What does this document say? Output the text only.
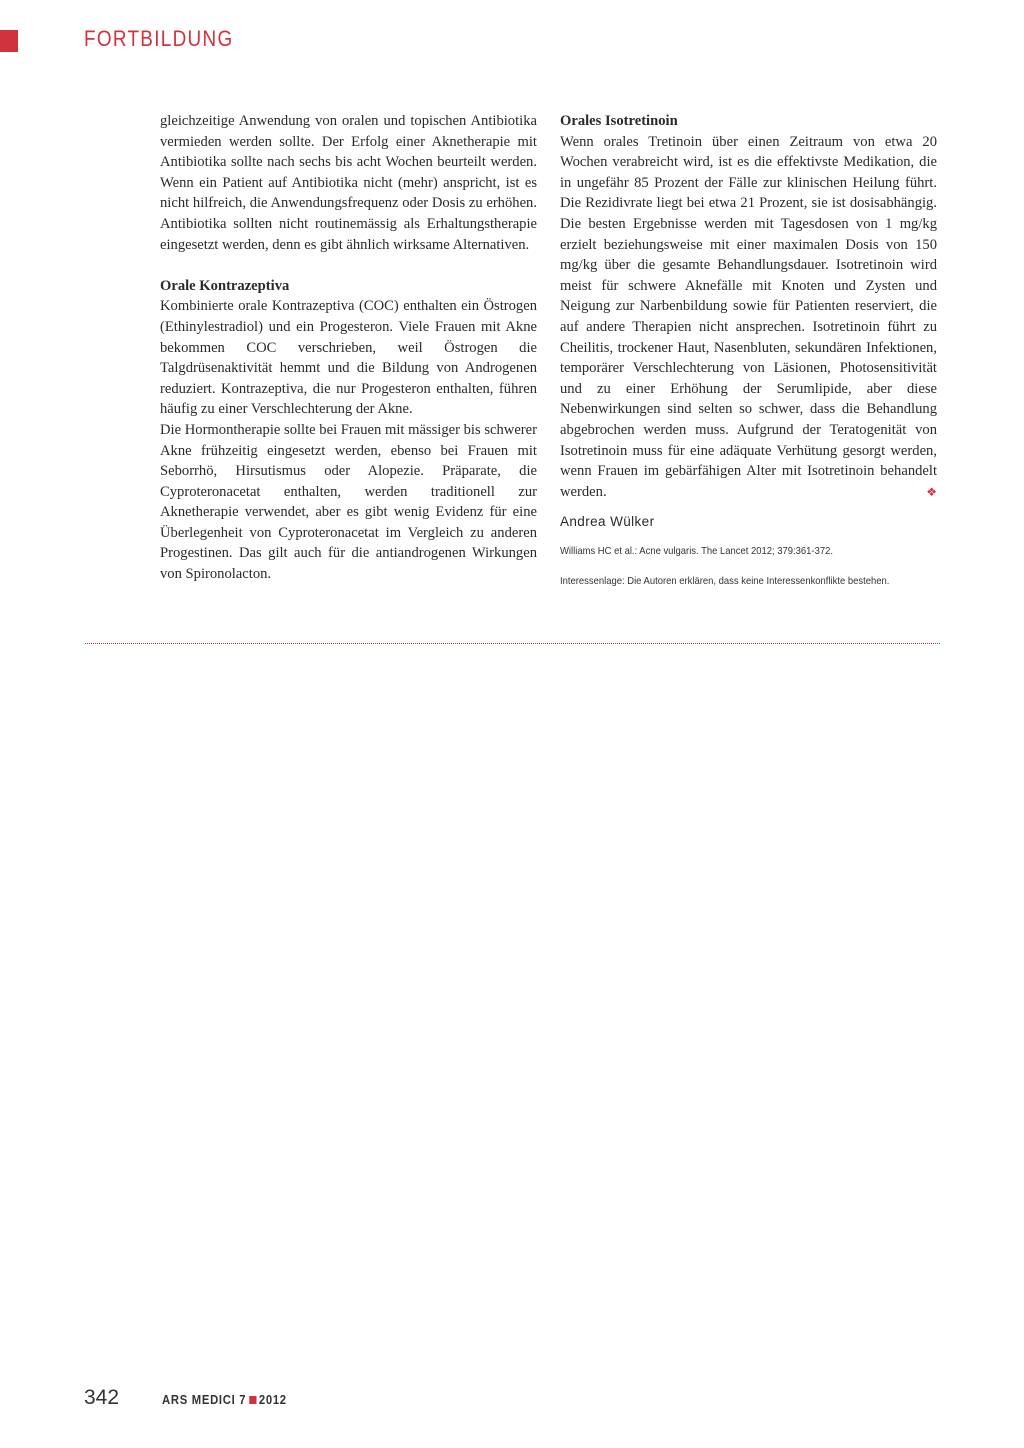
FORTBILDUNG

gleichzeitige Anwendung von oralen und topischen Antibiotika vermieden werden sollte. Der Erfolg einer Aknetherapie mit Antibiotika sollte nach sechs bis acht Wochen beurteilt werden. Wenn ein Patient auf Antibiotika nicht (mehr) anspricht, ist es nicht hilfreich, die Anwendungsfrequenz oder Dosis zu erhöhen. Antibiotika sollten nicht routinemässig als Erhaltungstherapie eingesetzt werden, denn es gibt ähnlich wirksame Alternativen.

Orale Kontrazeptiva

Kombinierte orale Kontrazeptiva (COC) enthalten ein Östrogen (Ethinylestradiol) und ein Progesteron. Viele Frauen mit Akne bekommen COC verschrieben, weil Östrogen die Talgdrüsenaktivität hemmt und die Bildung von Androgenen reduziert. Kontrazeptiva, die nur Progesteron enthalten, führen häufig zu einer Verschlechterung der Akne.

Die Hormontherapie sollte bei Frauen mit mässiger bis schwerer Akne frühzeitig eingesetzt werden, ebenso bei Frauen mit Seborrhö, Hirsutismus oder Alopezie. Präparate, die Cyproteronacetat enthalten, werden traditionell zur Aknetherapie verwendet, aber es gibt wenig Evidenz für eine Überlegenheit von Cyproteronacetat im Vergleich zu anderen Progestinen. Das gilt auch für die antiandrogenen Wirkungen von Spironolacton.

Orales Isotretinoin

Wenn orales Tretinoin über einen Zeitraum von etwa 20 Wochen verabreicht wird, ist es die effektivste Medikation, die in ungefähr 85 Prozent der Fälle zur klinischen Heilung führt. Die Rezidivrate liegt bei etwa 21 Prozent, sie ist dosisabhängig. Die besten Ergebnisse werden mit Tagesdosen von 1 mg/kg erzielt beziehungsweise mit einer maximalen Dosis von 150 mg/kg über die gesamte Behandlungsdauer. Isotretinoin wird meist für schwere Aknefälle mit Knoten und Zysten und Neigung zur Narbenbildung sowie für Patienten reserviert, die auf andere Therapien nicht ansprechen. Isotretinoin führt zu Cheilitis, trockener Haut, Nasenbluten, sekundären Infektionen, temporärer Verschlechterung von Läsionen, Photosensitivität und zu einer Erhöhung der Serumlipide, aber diese Nebenwirkungen sind selten so schwer, dass die Behandlung abgebrochen werden muss. Aufgrund der Teratogenität von Isotretinoin muss für eine adäquate Verhütung gesorgt werden, wenn Frauen im gebärfähigen Alter mit Isotretinoin behandelt werden.	❖

Andrea Wülker
Williams HC et al.: Acne vulgaris. The Lancet 2012; 379:361-372.
Interessenlage: Die Autoren erklären, dass keine Interessenkonflikte bestehen.
342	ARS MEDICI 7 2012
